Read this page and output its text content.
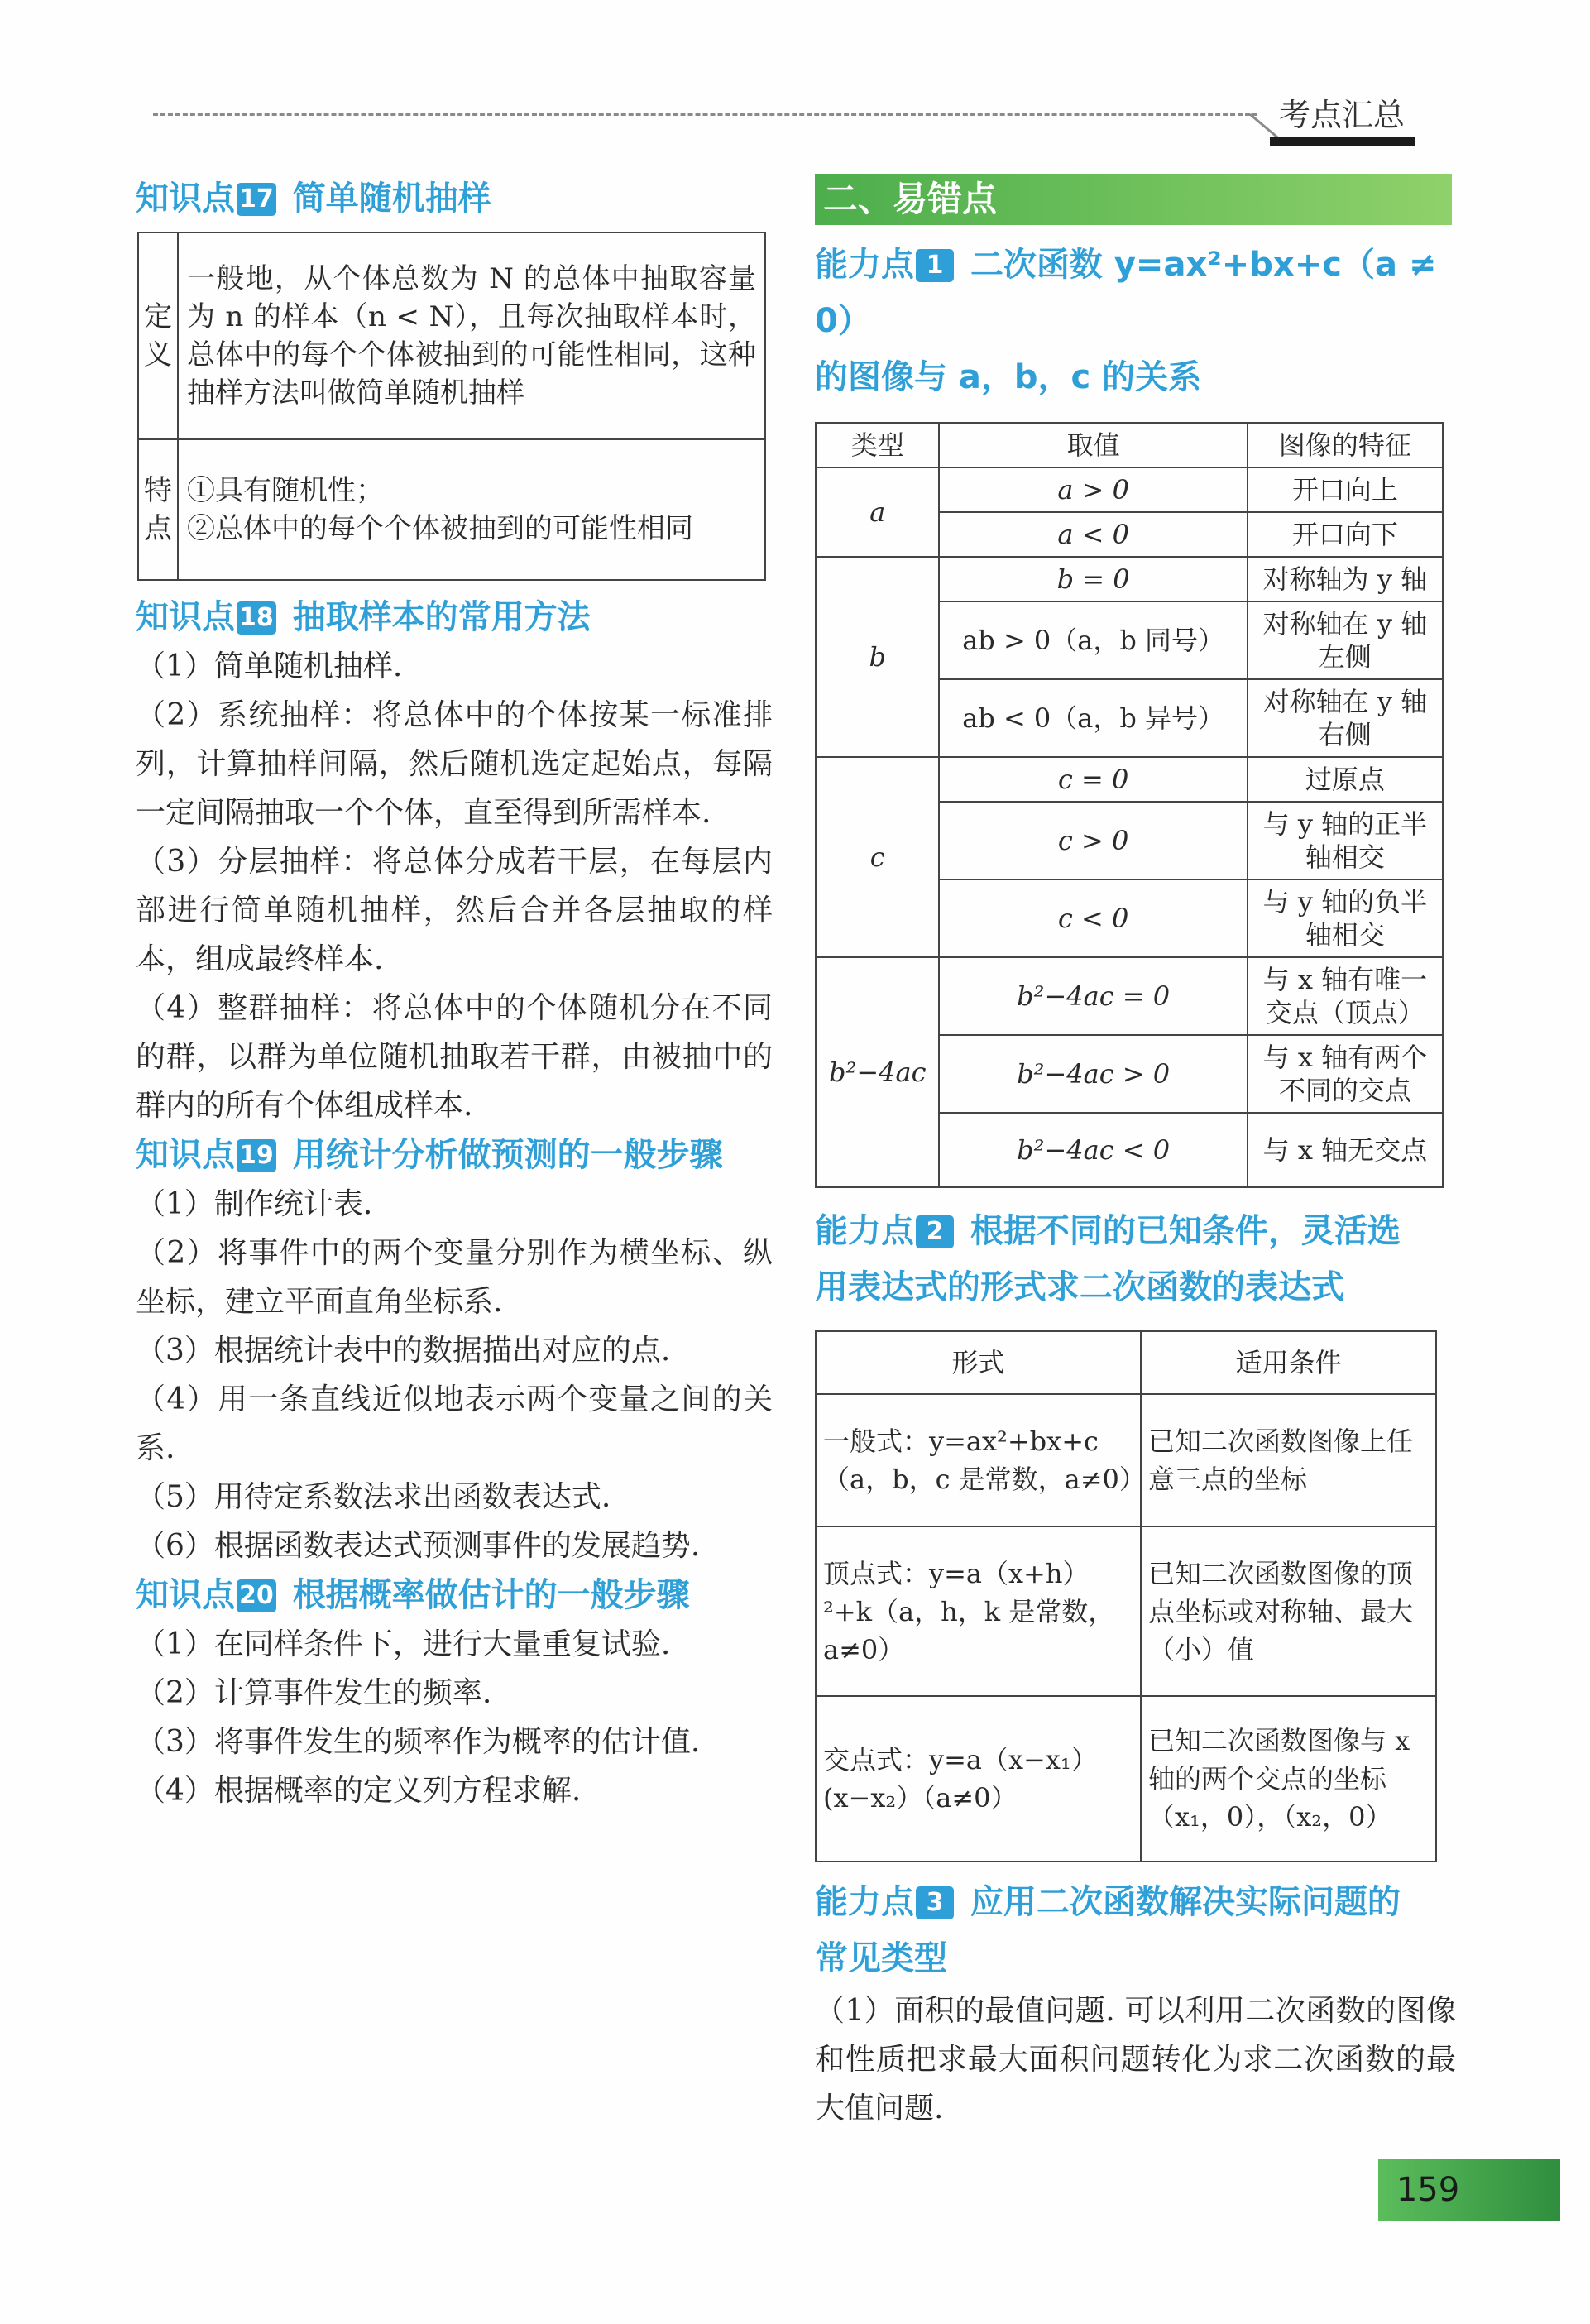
考点汇总

知识点 17 简单随机抽样

定义	一般地，从个体总数为 N 的总体中抽取容量为 n 的样本（n < N），且每次抽取样本时，总体中的每个个体被抽到的可能性相同，这种抽样方法叫做简单随机抽样
特点	①具有随机性；
②总体中的每个个体被抽到的可能性相同

知识点 18 抽取样本的常用方法

（1）简单随机抽样.

（2）系统抽样：将总体中的个体按某一标准排列，计算抽样间隔，然后随机选定起始点，每隔一定间隔抽取一个个体，直至得到所需样本.

（3）分层抽样：将总体分成若干层，在每层内部进行简单随机抽样，然后合并各层抽取的样本，组成最终样本.

（4）整群抽样：将总体中的个体随机分在不同的群，以群为单位随机抽取若干群，由被抽中的群内的所有个体组成样本.

知识点 19 用统计分析做预测的一般步骤

（1）制作统计表.

（2）将事件中的两个变量分别作为横坐标、纵坐标，建立平面直角坐标系.

（3）根据统计表中的数据描出对应的点.

（4）用一条直线近似地表示两个变量之间的关系.

（5）用待定系数法求出函数表达式.

（6）根据函数表达式预测事件的发展趋势.

知识点 20 根据概率做估计的一般步骤

（1）在同样条件下，进行大量重复试验.

（2）计算事件发生的频率.

（3）将事件发生的频率作为概率的估计值.

（4）根据概率的定义列方程求解.

二、易错点

能力点 1 二次函数 y=ax²+bx+c（a ≠ 0）

的图像与 a，b，c 的关系

类型	取值	图像的特征
a	a > 0	开口向上
	a < 0	开口向下
b	b = 0	对称轴为 y 轴
	ab > 0（a，b 同号）	对称轴在 y 轴左侧
	ab < 0（a，b 异号）	对称轴在 y 轴右侧
c	c = 0	过原点
	c > 0	与 y 轴的正半轴相交
	c < 0	与 y 轴的负半轴相交
b²−4ac	b²−4ac = 0	与 x 轴有唯一交点（顶点）
	b²−4ac > 0	与 x 轴有两个不同的交点
	b²−4ac < 0	与 x 轴无交点

能力点 2 根据不同的已知条件，灵活选

用表达式的形式求二次函数的表达式

形式	适用条件
一般式：y=ax²+bx+c（a，b，c 是常数，a≠0）	已知二次函数图像上任意三点的坐标
顶点式：y=a（x+h）²+k（a，h，k 是常数，a≠0）	已知二次函数图像的顶点坐标或对称轴、最大（小）值
交点式：y=a（x−x₁）(x−x₂）（a≠0）	已知二次函数图像与 x 轴的两个交点的坐标（x₁，0），（x₂，0）

能力点 3 应用二次函数解决实际问题的

常见类型

（1）面积的最值问题. 可以利用二次函数的图像和性质把求最大面积问题转化为求二次函数的最大值问题.

159
